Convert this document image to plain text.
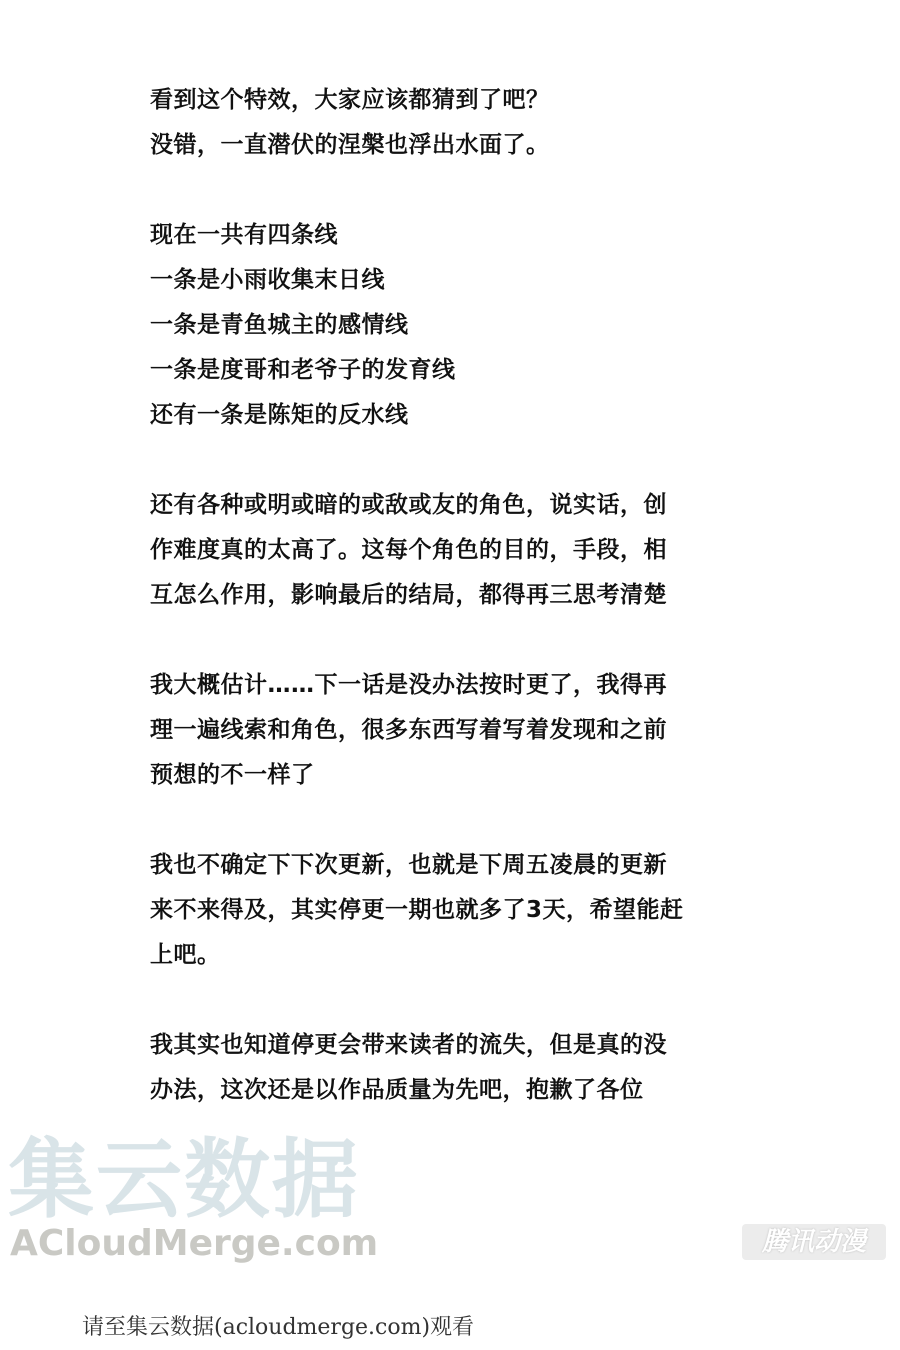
看到这个特效，大家应该都猜到了吧？
没错，一直潜伏的涅槃也浮出水面了。
现在一共有四条线
一条是小雨收集末日线
一条是青鱼城主的感情线
一条是度哥和老爷子的发育线
还有一条是陈矩的反水线
还有各种或明或暗的或敌或友的角色，说实话，创
作难度真的太高了。这每个角色的目的，手段，相
互怎么作用，影响最后的结局，都得再三思考清楚
我大概估计……下一话是没办法按时更了，我得再
理一遍线索和角色，很多东西写着写着发现和之前
预想的不一样了
我也不确定下下次更新，也就是下周五凌晨的更新
来不来得及，其实停更一期也就多了3天，希望能赶
上吧。
我其实也知道停更会带来读者的流失，但是真的没
办法，这次还是以作品质量为先吧，抱歉了各位
集云数据
ACloudMerge.com	腾讯动漫
请至集云数据(acloudmerge.com)观看
